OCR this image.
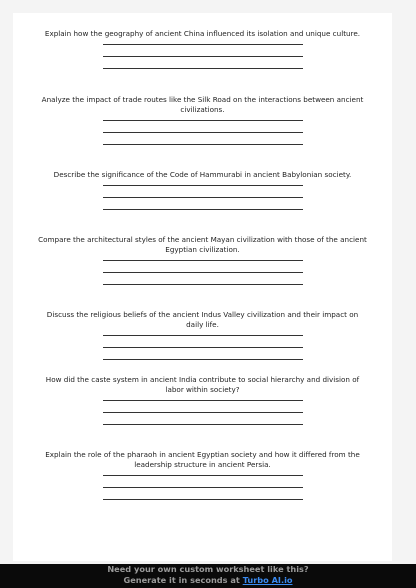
Explain how the geography of ancient China influenced its isolation and unique culture.
Analyze the impact of trade routes like the Silk Road on the interactions between ancient civilizations.
Describe the significance of the Code of Hammurabi in ancient Babylonian society.
Compare the architectural styles of the ancient Mayan civilization with those of the ancient Egyptian civilization.
Discuss the religious beliefs of the ancient Indus Valley civilization and their impact on daily life.
How did the caste system in ancient India contribute to social hierarchy and division of labor within society?
Explain the role of the pharaoh in ancient Egyptian society and how it differed from the leadership structure in ancient Persia.
Need your own custom worksheet like this?
Generate it in seconds at Turbo AI.io
